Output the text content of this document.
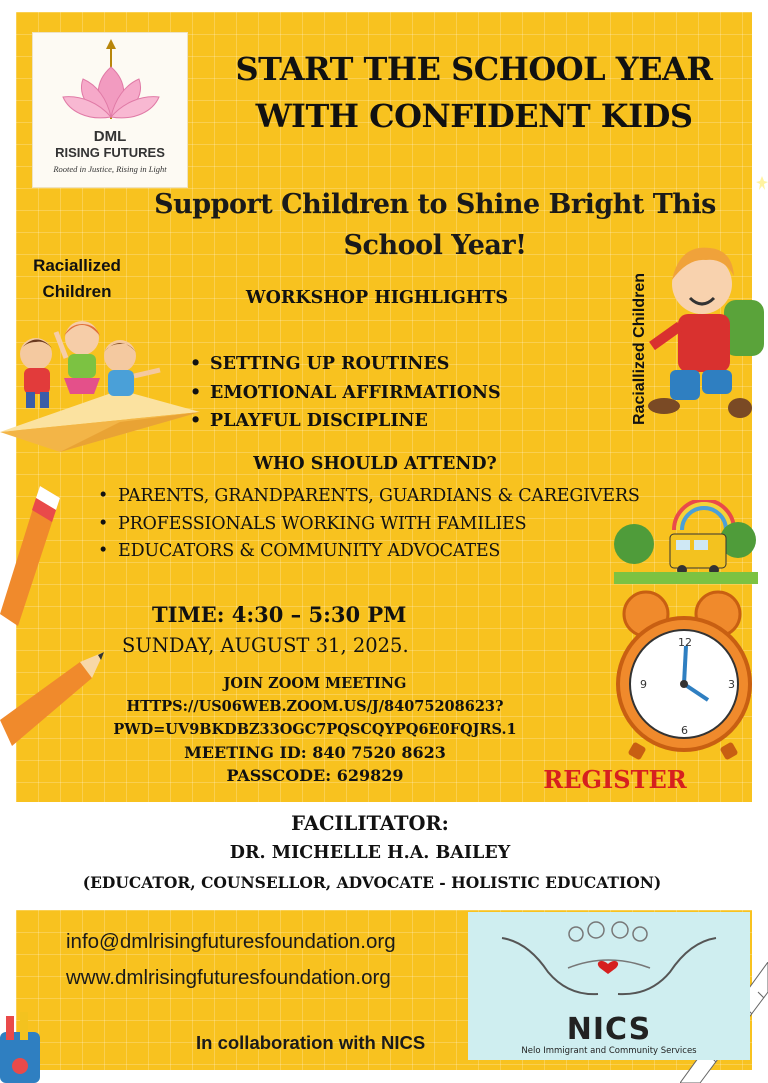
DML
RISING FUTURES
Rooted in Justice, Rising in Light
START THE SCHOOL YEAR
WITH CONFIDENT KIDS
Support Children to Shine Bright This
School Year!
Raciallized
Children	Raciallized Children
WORKSHOP HIGHLIGHTS
• SETTING UP ROUTINES
• EMOTIONAL AFFIRMATIONS
• PLAYFUL DISCIPLINE
WHO SHOULD ATTEND?
• PARENTS, GRANDPARENTS, GUARDIANS & CAREGIVERS
• PROFESSIONALS WORKING WITH FAMILIES
• EDUCATORS & COMMUNITY ADVOCATES
12
3
6
9
TIME: 4:30 – 5:30 PM
SUNDAY, AUGUST 31, 2025.
JOIN ZOOM MEETING
HTTPS://US06WEB.ZOOM.US/J/84075208623?
PWD=UV9BKDBZ33OGC7PQSCQYPQ6E0FQJRS.1
MEETING ID: 840 7520 8623
PASSCODE: 629829	REGISTER
FACILITATOR:
DR. MICHELLE H.A. BAILEY
(EDUCATOR, COUNSELLOR, ADVOCATE - HOLISTIC EDUCATION)
info@dmlrisingfuturesfoundation.org
www.dmlrisingfuturesfoundation.org
In collaboration with NICS	NICS
Nelo Immigrant and Community Services
